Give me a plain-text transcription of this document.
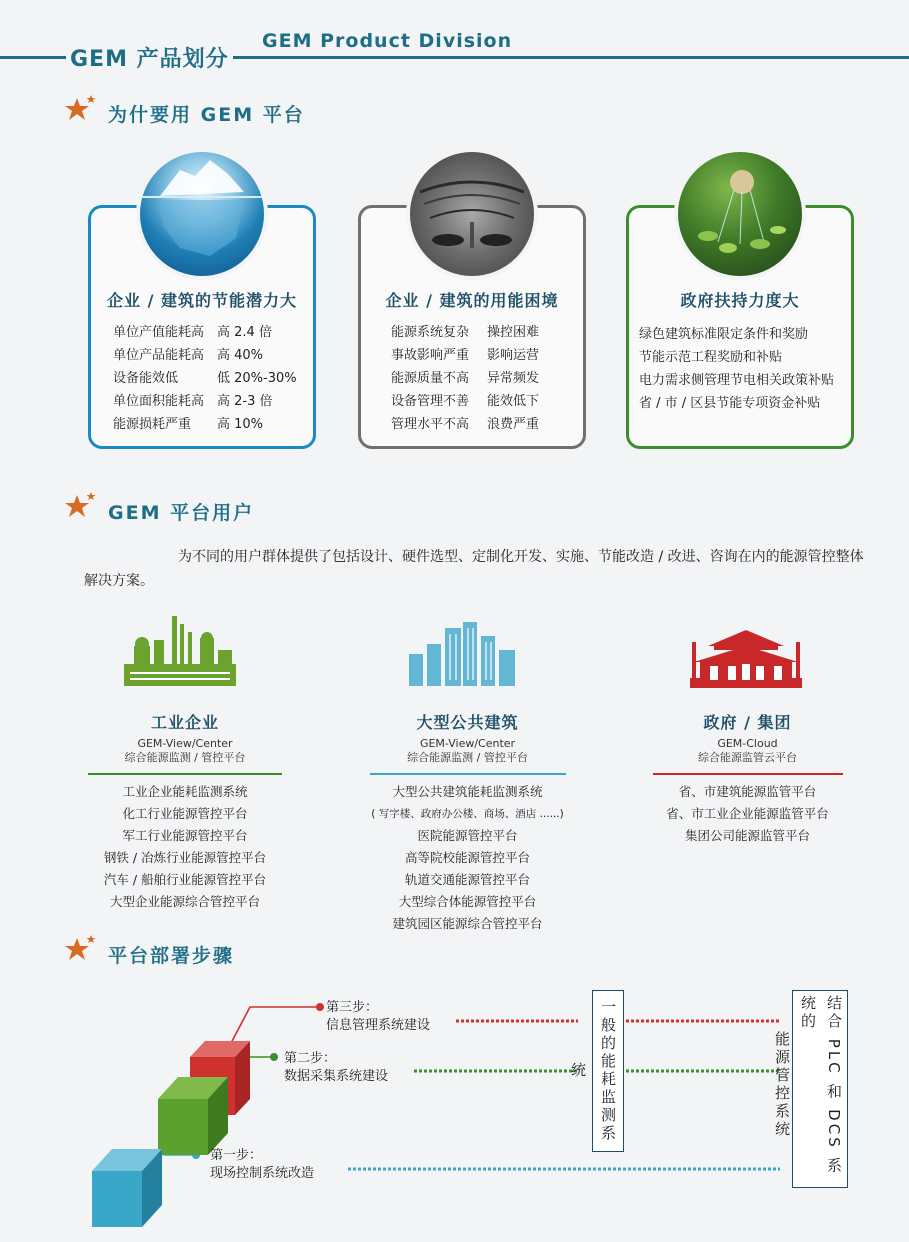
GEM 产品划分
GEM Product Division
为什要用 GEM 平台
企业 / 建筑的节能潜力大
单位产值能耗高 高 2.4 倍
单位产品能耗高 高 40%
设备能效低	低 20%-30%
单位面积能耗高 高 2-3 倍
能源损耗严重 高 10%
企业 / 建筑的用能困境
能源系统复杂 操控困难
事故影响严重 影响运营
能源质量不高 异常频发
设备管理不善 能效低下
管理水平不高 浪费严重
政府扶持力度大
绿色建筑标准限定条件和奖励
节能示范工程奖励和补贴
电力需求侧管理节电相关政策补贴
省 / 市 / 区县节能专项资金补贴
GEM 平台用户
为不同的用户群体提供了包括设计、硬件选型、定制化开发、实施、节能改造 / 改进、咨询在内的能源管控整体解决方案。
工业企业
GEM-View/Center
综合能源监测 / 管控平台
工业企业能耗监测系统
化工行业能源管控平台
军工行业能源管控平台
钢铁 / 冶炼行业能源管控平台
汽车 / 船舶行业能源管控平台
大型企业能源综合管控平台
大型公共建筑
GEM-View/Center
综合能源监测 / 管控平台
大型公共建筑能耗监测系统
( 写字楼、政府办公楼、商场、酒店 ......)
医院能源管控平台
高等院校能源管控平台
轨道交通能源管控平台
大型综合体能源管控平台
建筑园区能源综合管控平台
政府 / 集团
GEM-Cloud
综合能源监管云平台
省、市建筑能源监管平台
省、市工业企业能源监管平台
集团公司能源监管平台
平台部署步骤
第三步：
信息管理系统建设
第二步：
数据采集系统建设
第一步：
现场控制系统改造
一般的能耗监测系统	结合 PLC 和 DCS 系统的
能源管控系统
